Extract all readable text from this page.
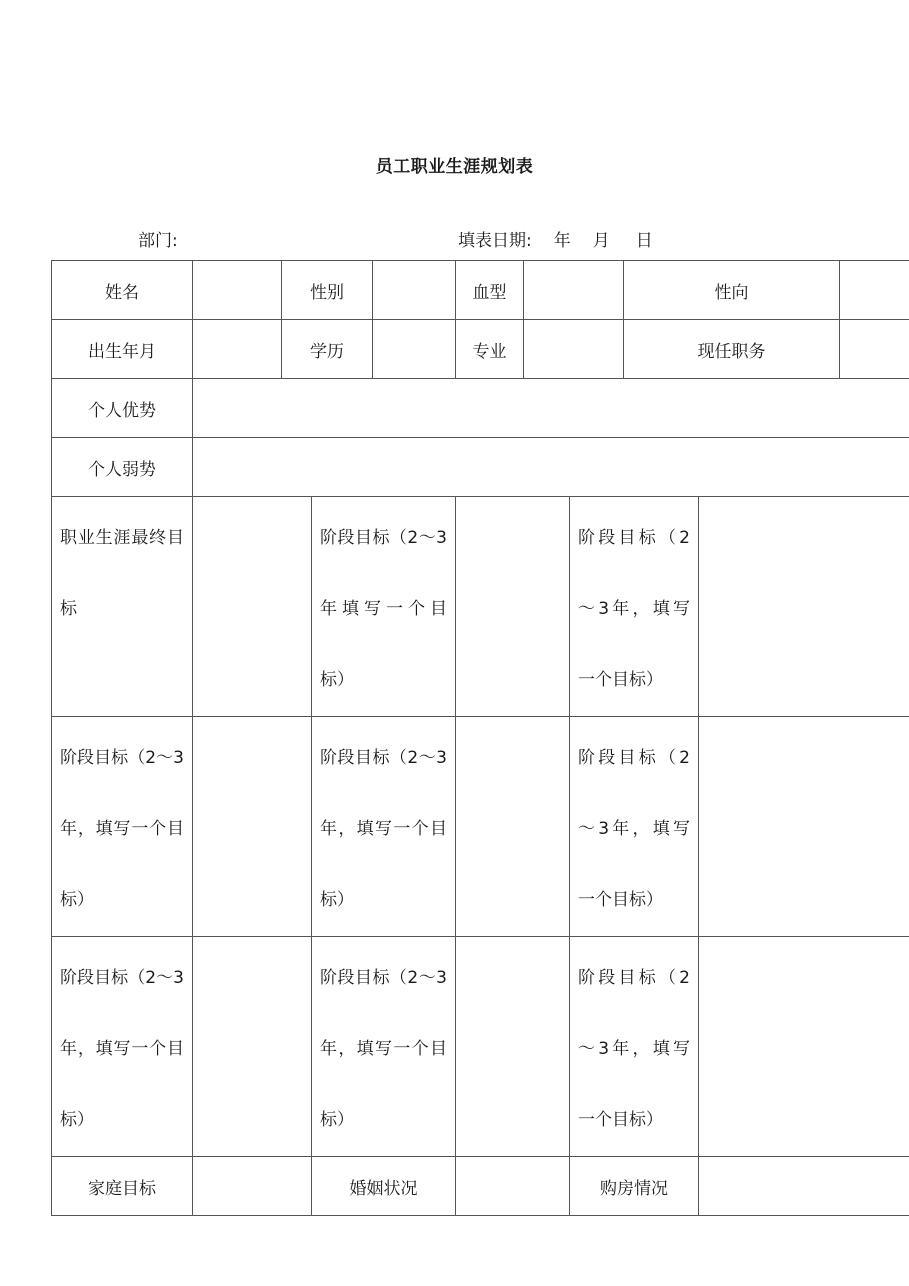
员工职业生涯规划表
部门:	填表日期: 年 月 日
姓名		性别			血型			性向		
出生年月		学历			专业			现任职务		
个人优势										
个人弱势										
职业生涯最终目标			阶段目标（2～3年填写一个目标）				阶段目标（2～3年，填写一个目标）			
阶段目标（2～3年，填写一个目标）			阶段目标（2～3年，填写一个目标）				阶段目标（2～3年，填写一个目标）			
阶段目标（2～3年，填写一个目标）			阶段目标（2～3年，填写一个目标）				阶段目标（2～3年，填写一个目标）			
家庭目标			婚姻状况				购房情况			
